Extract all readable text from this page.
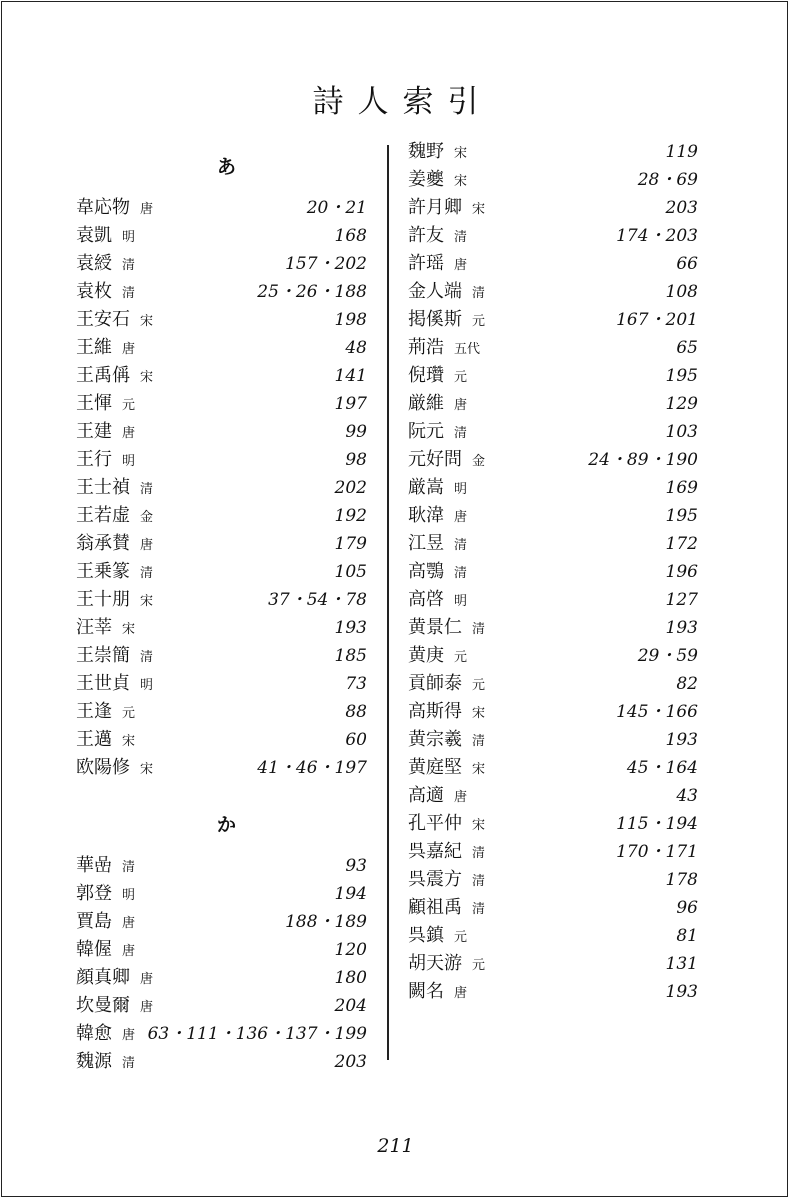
詩人索引
あ
韋応物 唐	20・21
袁凱 明	168
袁綬 清	157・202
袁枚 清	25・26・188
王安石 宋	198
王維 唐	48
王禹偁 宋	141
王惲 元	197
王建 唐	99
王行 明	98
王士禎 清	202
王若虚 金	192
翁承賛 唐	179
王乗篆 清	105
王十朋 宋	37・54・78
汪莘 宋	193
王崇簡 清	185
王世貞 明	73
王逢 元	88
王邁 宋	60
欧陽修 宋	41・46・197
か
華嵒 清	93
郭登 明	194
賈島 唐	188・189
韓偓 唐	120
顔真卿 唐	180
坎曼爾 唐	204
韓愈 唐 63・111・136・137・199
魏源 清	203
魏野 宋	119
姜夔 宋	28・69
許月卿 宋	203
許友 清	174・203
許瑶 唐	66
金人端 清	108
掲傒斯 元	167・201
荊浩 五代	65
倪瓚 元	195
厳維 唐	129
阮元 清	103
元好問 金	24・89・190
厳嵩 明	169
耿湋 唐	195
江昱 清	172
高鶚 清	196
高啓 明	127
黄景仁 清	193
黄庚 元	29・59
貢師泰 元	82
高斯得 宋	145・166
黄宗羲 清	193
黄庭堅 宋	45・164
高適 唐	43
孔平仲 宋	115・194
呉嘉紀 清	170・171
呉震方 清	178
顧祖禹 清	96
呉鎮 元	81
胡天游 元	131
闕名 唐	193
211
